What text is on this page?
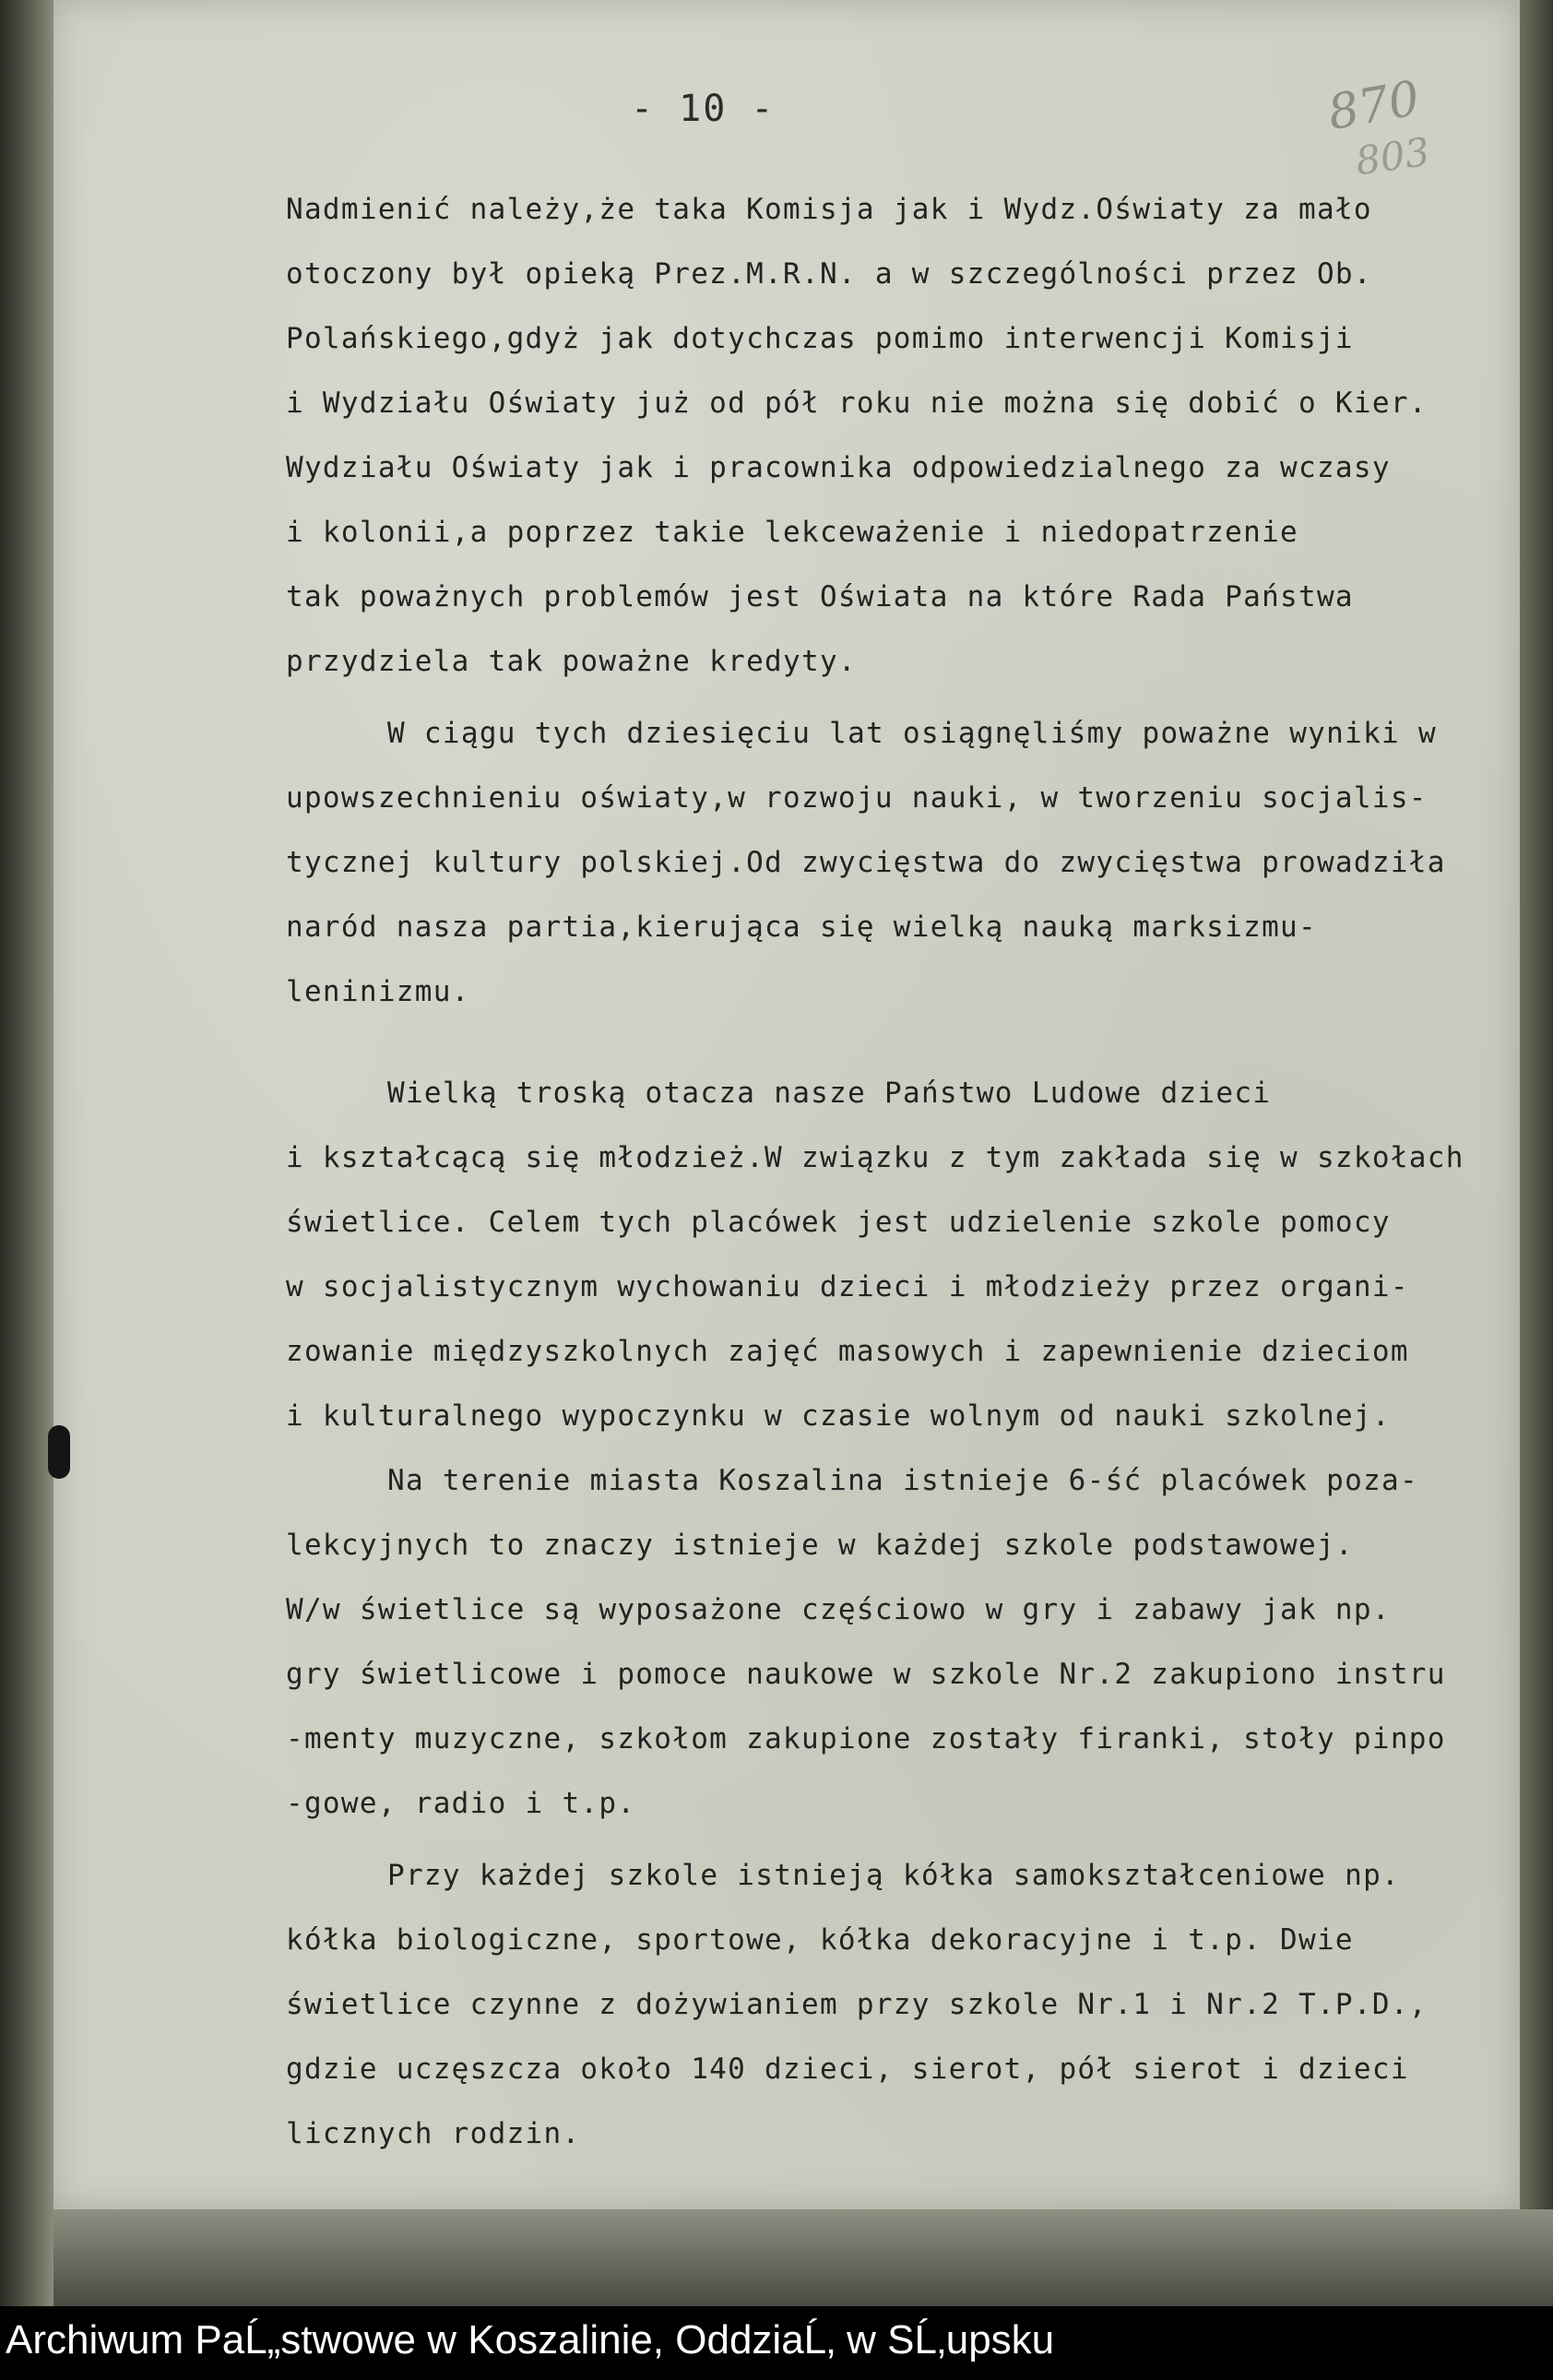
- 10 -	870
803
Nadmienić należy,że taka Komisja jak i Wydz.Oświaty za mało
otoczony był opieką Prez.M.R.N. a w szczególności przez Ob.
Polańskiego,gdyż jak dotychczas pomimo interwencji Komisji
i Wydziału Oświaty już od pół roku nie można się dobić o Kier.
Wydziału Oświaty jak i pracownika odpowiedzialnego za wczasy
i kolonii,a poprzez takie lekceważenie i niedopatrzenie
tak poważnych problemów jest Oświata na które Rada Państwa
przydziela tak poważne kredyty.
W ciągu tych dziesięciu lat osiągnęliśmy poważne wyniki w
upowszechnieniu oświaty,w rozwoju nauki, w tworzeniu socjalis-
tycznej kultury polskiej.Od zwycięstwa do zwycięstwa prowadziła
naród nasza partia,kierująca się wielką nauką marksizmu-
leninizmu.
Wielką troską otacza nasze Państwo Ludowe dzieci
i kształcącą się młodzież.W związku z tym zakłada się w szkołach
świetlice. Celem tych placówek jest udzielenie szkole pomocy
w socjalistycznym wychowaniu dzieci i młodzieży przez organi-
zowanie międzyszkolnych zajęć masowych i zapewnienie dzieciom
i kulturalnego wypoczynku w czasie wolnym od nauki szkolnej.
Na terenie miasta Koszalina istnieje 6-ść placówek poza-
lekcyjnych to znaczy istnieje w każdej szkole podstawowej.
W/w świetlice są wyposażone częściowo w gry i zabawy jak np.
gry świetlicowe i pomoce naukowe w szkole Nr.2 zakupiono instru
-menty muzyczne, szkołom zakupione zostały firanki, stoły pinpo
-gowe, radio i t.p.
Przy każdej szkole istnieją kółka samokształceniowe np.
kółka biologiczne, sportowe, kółka dekoracyjne i t.p. Dwie
świetlice czynne z dożywianiem przy szkole Nr.1 i Nr.2 T.P.D.,
gdzie uczęszcza około 140 dzieci, sierot, pół sierot i dzieci
licznych rodzin.
Archiwum PaĹ„stwowe w Koszalinie, OddziaĹ‚ w SĹ‚upsku
